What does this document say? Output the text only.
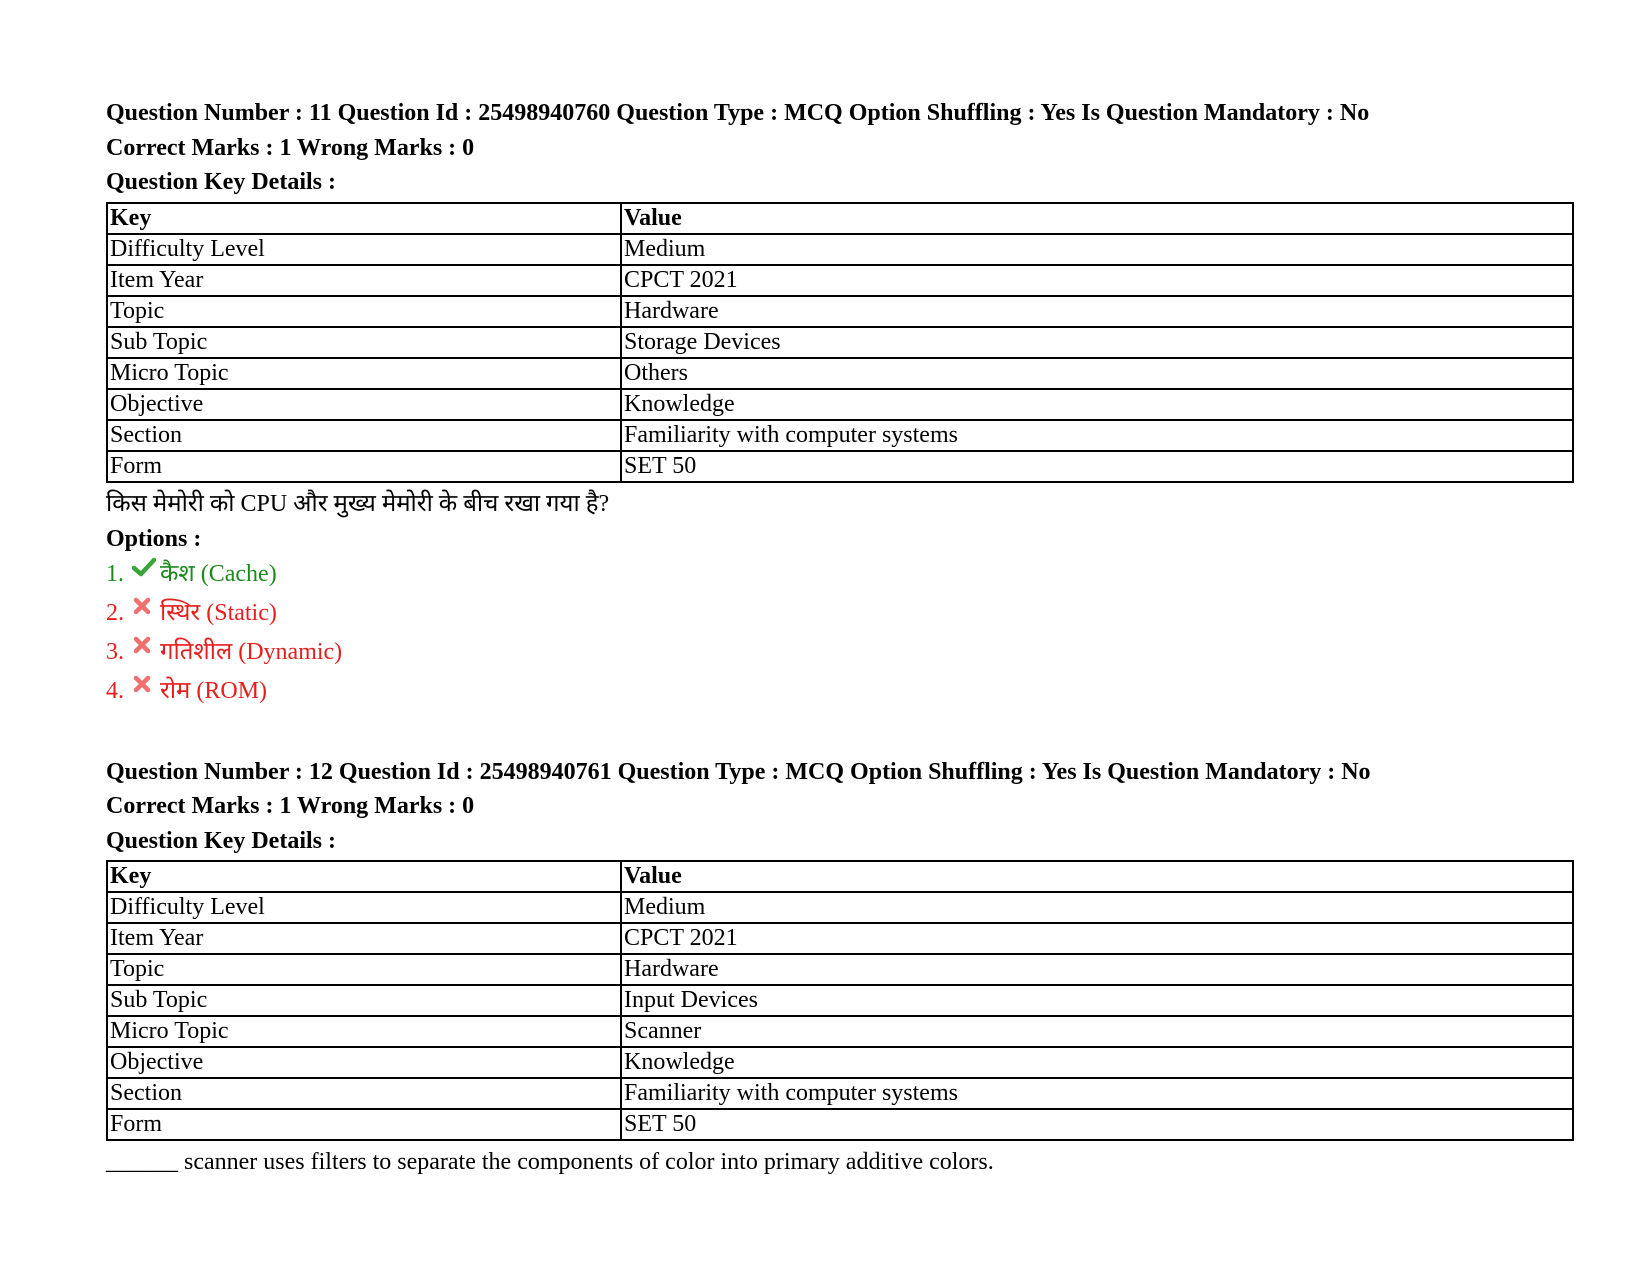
Question Number : 11 Question Id : 25498940760 Question Type : MCQ Option Shuffling : Yes Is Question Mandatory : No
Correct Marks : 1 Wrong Marks : 0
Question Key Details :
Key	Value
Difficulty Level	Medium
Item Year	CPCT 2021
Topic	Hardware
Sub Topic	Storage Devices
Micro Topic	Others
Objective	Knowledge
Section	Familiarity with computer systems
Form	SET 50
किस मेमोरी को CPU और मुख्य मेमोरी के बीच रखा गया है?
Options :
1.	कैश (Cache)
2.	स्थिर (Static)
3.	गतिशील (Dynamic)
4.	रोम (ROM)
Question Number : 12 Question Id : 25498940761 Question Type : MCQ Option Shuffling : Yes Is Question Mandatory : No
Correct Marks : 1 Wrong Marks : 0
Question Key Details :
Key	Value
Difficulty Level	Medium
Item Year	CPCT 2021
Topic	Hardware
Sub Topic	Input Devices
Micro Topic	Scanner
Objective	Knowledge
Section	Familiarity with computer systems
Form	SET 50
______ scanner uses filters to separate the components of color into primary additive colors.
